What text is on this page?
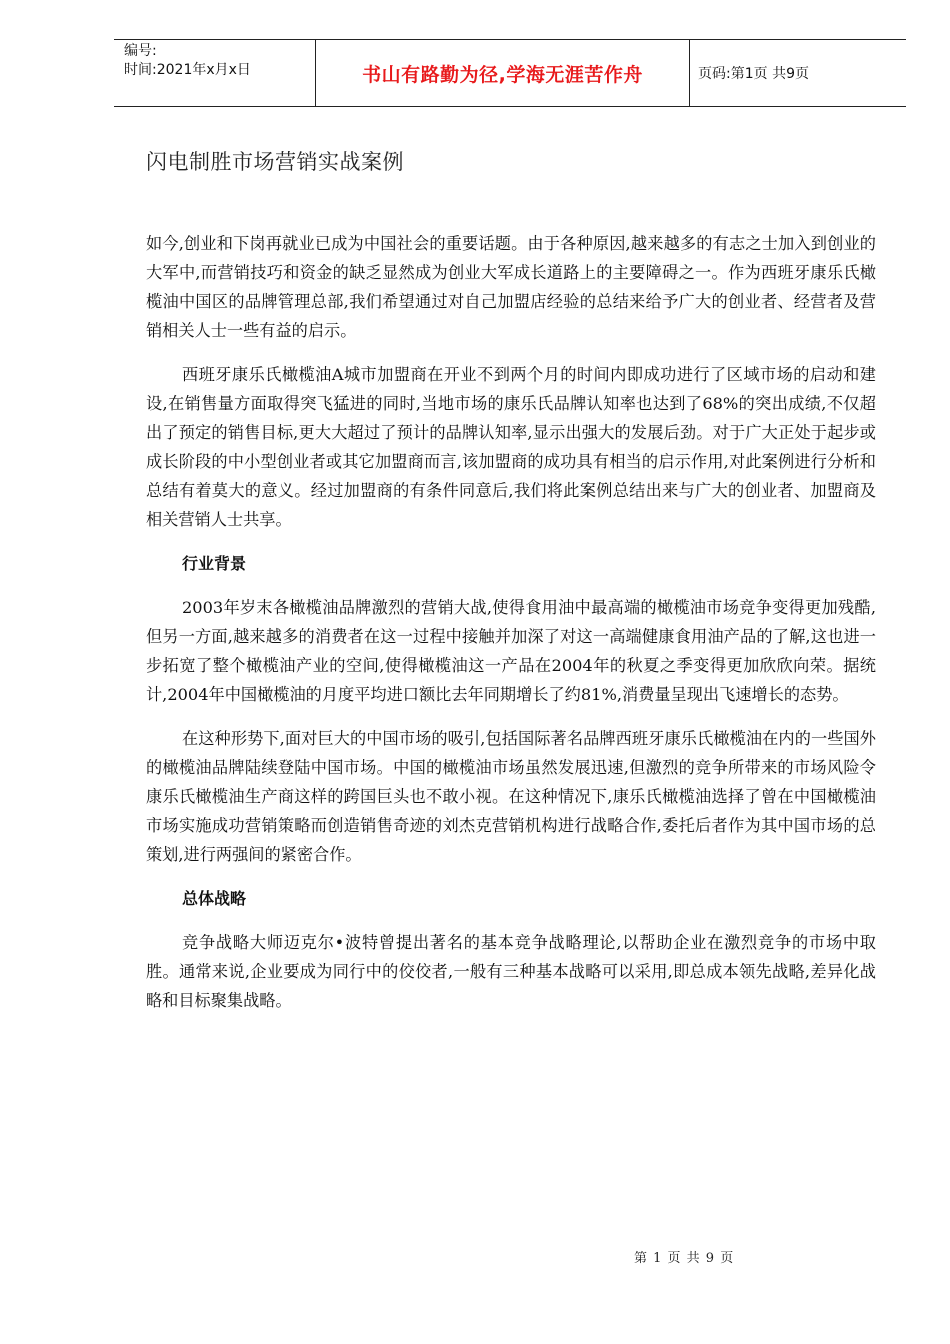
编号:
时间:2021年x月x日	书山有路勤为径,学海无涯苦作舟	页码:第1页 共9页
闪电制胜市场营销实战案例

如今,创业和下岗再就业已成为中国社会的重要话题。由于各种原因,越来越多的有志之士加入到创业的大军中,而营销技巧和资金的缺乏显然成为创业大军成长道路上的主要障碍之一。作为西班牙康乐氏橄榄油中国区的品牌管理总部,我们希望通过对自己加盟店经验的总结来给予广大的创业者、经营者及营销相关人士一些有益的启示。

西班牙康乐氏橄榄油A城市加盟商在开业不到两个月的时间内即成功进行了区域市场的启动和建设,在销售量方面取得突飞猛进的同时,当地市场的康乐氏品牌认知率也达到了68%的突出成绩,不仅超出了预定的销售目标,更大大超过了预计的品牌认知率,显示出强大的发展后劲。对于广大正处于起步或成长阶段的中小型创业者或其它加盟商而言,该加盟商的成功具有相当的启示作用,对此案例进行分析和总结有着莫大的意义。经过加盟商的有条件同意后,我们将此案例总结出来与广大的创业者、加盟商及相关营销人士共享。

行业背景

2003年岁末各橄榄油品牌激烈的营销大战,使得食用油中最高端的橄榄油市场竞争变得更加残酷,但另一方面,越来越多的消费者在这一过程中接触并加深了对这一高端健康食用油产品的了解,这也进一步拓宽了整个橄榄油产业的空间,使得橄榄油这一产品在2004年的秋夏之季变得更加欣欣向荣。据统计,2004年中国橄榄油的月度平均进口额比去年同期增长了约81%,消费量呈现出飞速增长的态势。

在这种形势下,面对巨大的中国市场的吸引,包括国际著名品牌西班牙康乐氏橄榄油在内的一些国外的橄榄油品牌陆续登陆中国市场。中国的橄榄油市场虽然发展迅速,但激烈的竞争所带来的市场风险令康乐氏橄榄油生产商这样的跨国巨头也不敢小视。在这种情况下,康乐氏橄榄油选择了曾在中国橄榄油市场实施成功营销策略而创造销售奇迹的刘杰克营销机构进行战略合作,委托后者作为其中国市场的总策划,进行两强间的紧密合作。

总体战略

竞争战略大师迈克尔•波特曾提出著名的基本竞争战略理论,以帮助企业在激烈竞争的市场中取胜。通常来说,企业要成为同行中的佼佼者,一般有三种基本战略可以采用,即总成本领先战略,差异化战略和目标聚集战略。

第 1 页 共 9 页
